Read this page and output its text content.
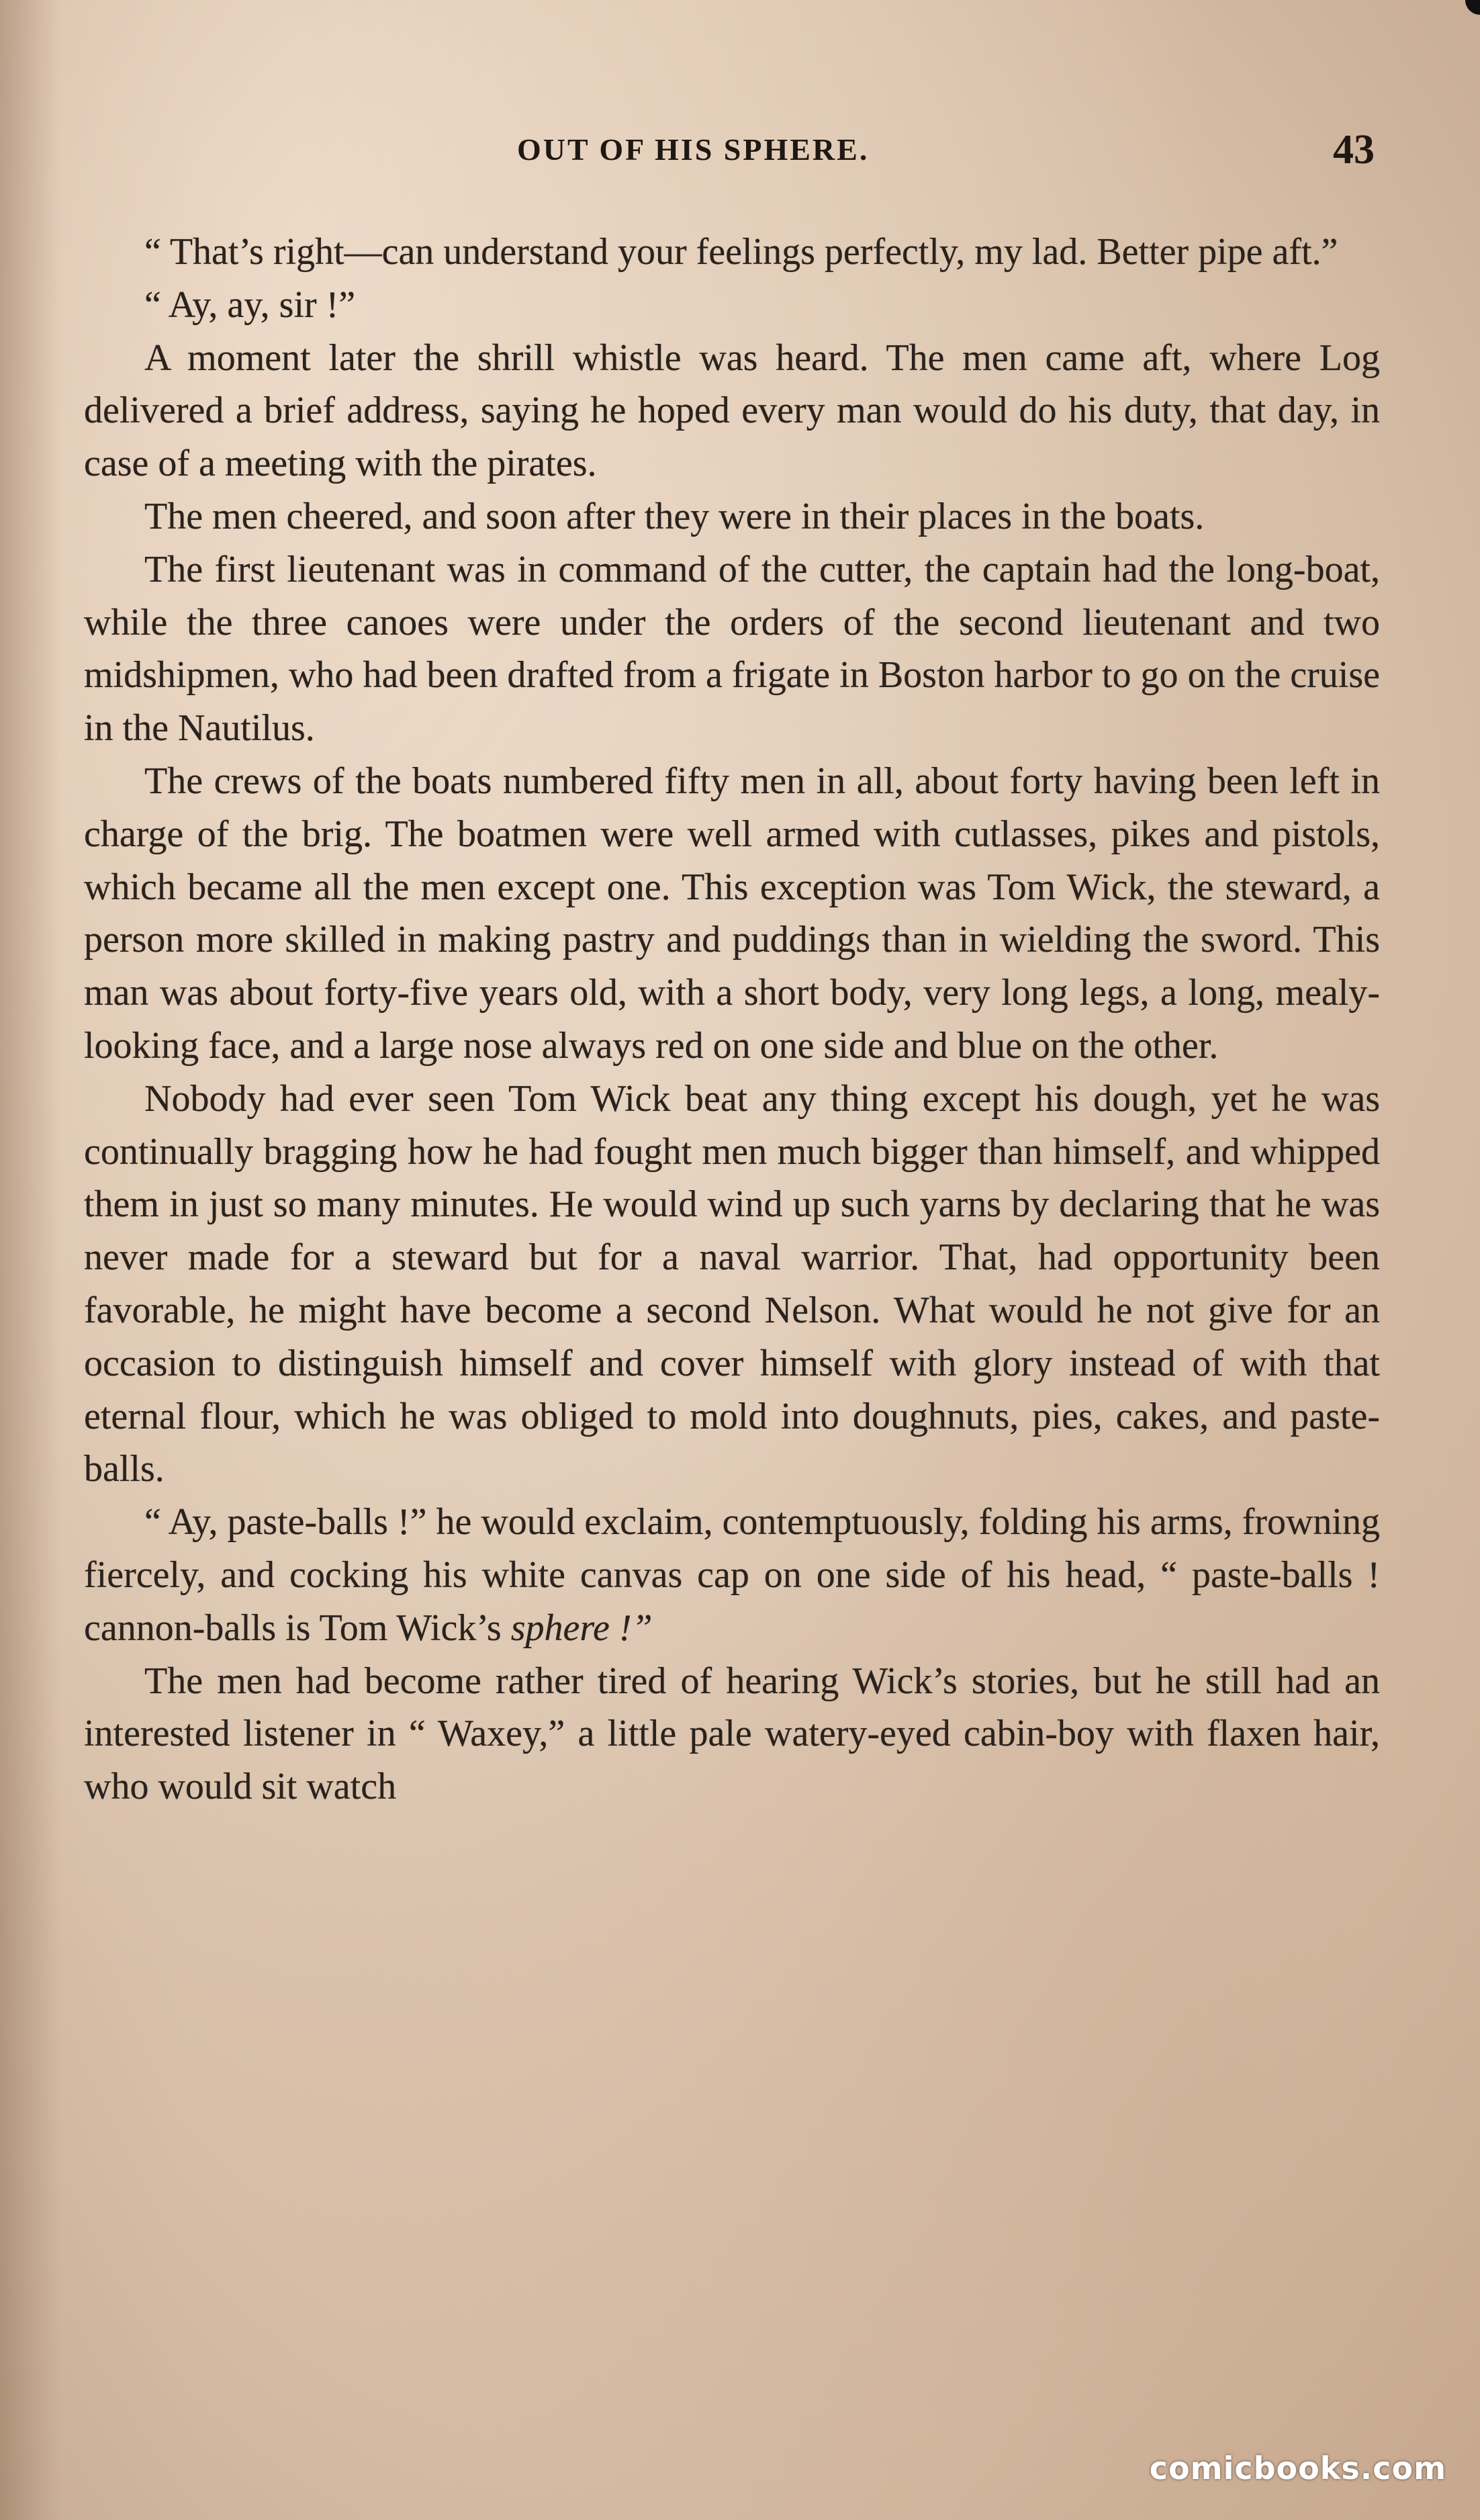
OUT OF HIS SPHERE.	43

“ That’s right—can understand your feelings perfectly, my lad. Better pipe aft.”

“ Ay, ay, sir !”

A moment later the shrill whistle was heard. The men came aft, where Log delivered a brief address, saying he hoped every man would do his duty, that day, in case of a meeting with the pirates.

The men cheered, and soon after they were in their places in the boats.

The first lieutenant was in command of the cutter, the captain had the long-boat, while the three canoes were under the orders of the second lieutenant and two midshipmen, who had been drafted from a frigate in Boston harbor to go on the cruise in the Nautilus.

The crews of the boats numbered fifty men in all, about forty having been left in charge of the brig. The boatmen were well armed with cutlasses, pikes and pistols, which became all the men except one. This exception was Tom Wick, the steward, a person more skilled in making pastry and puddings than in wielding the sword. This man was about forty-five years old, with a short body, very long legs, a long, mealy-looking face, and a large nose always red on one side and blue on the other.

Nobody had ever seen Tom Wick beat any thing except his dough, yet he was continually bragging how he had fought men much bigger than himself, and whipped them in just so many minutes. He would wind up such yarns by declaring that he was never made for a steward but for a naval warrior. That, had opportunity been favorable, he might have become a second Nelson. What would he not give for an occasion to distinguish himself and cover himself with glory instead of with that eternal flour, which he was obliged to mold into doughnuts, pies, cakes, and paste-balls.

“ Ay, paste-balls !” he would exclaim, contemptuously, folding his arms, frowning fiercely, and cocking his white canvas cap on one side of his head, “ paste-balls ! cannon-balls is Tom Wick’s sphere !”

The men had become rather tired of hearing Wick’s stories, but he still had an interested listener in “ Waxey,” a little pale watery-eyed cabin-boy with flaxen hair, who would sit watch

comicbooks.com
